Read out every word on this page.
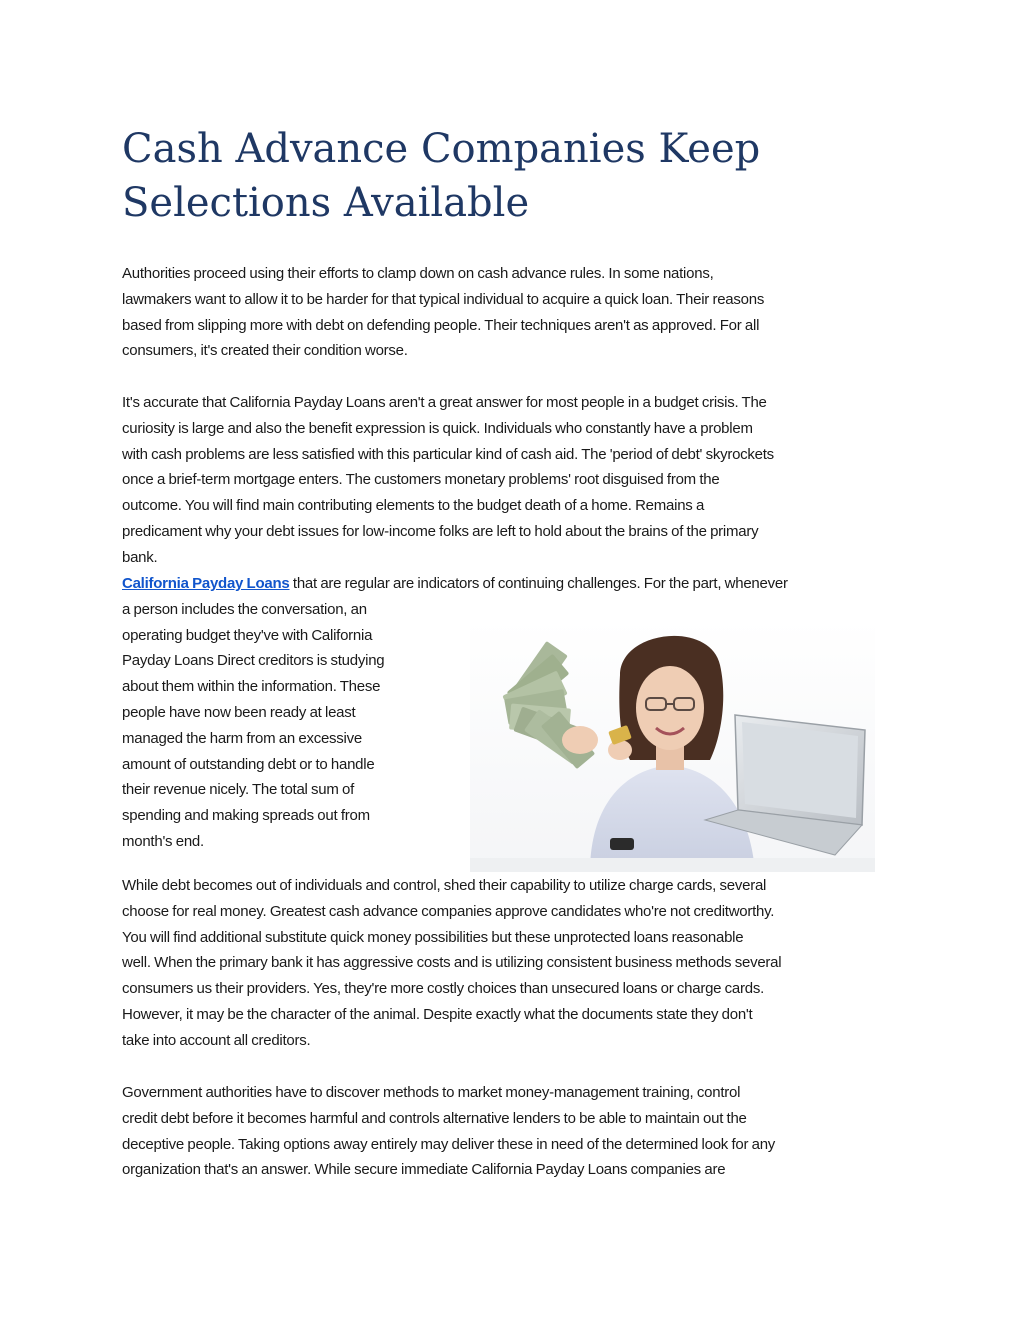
Cash Advance Companies Keep
Selections Available
Authorities proceed using their efforts to clamp down on cash advance rules. In some nations,
lawmakers want to allow it to be harder for that typical individual to acquire a quick loan. Their reasons
based from slipping more with debt on defending people. Their techniques aren't as approved. For all
consumers, it's created their condition worse.
It's accurate that California Payday Loans aren't a great answer for most people in a budget crisis. The
curiosity is large and also the benefit expression is quick. Individuals who constantly have a problem
with cash problems are less satisfied with this particular kind of cash aid. The 'period of debt' skyrockets
once a brief-term mortgage enters. The customers monetary problems' root disguised from the
outcome. You will find main contributing elements to the budget death of a home. Remains a
predicament why your debt issues for low-income folks are left to hold about the brains of the primary
bank.
California Payday Loans that are regular are indicators of continuing challenges. For the part, whenever
a person includes the conversation, an
operating budget they've with California
Payday Loans Direct creditors is studying
about them within the information. These
people have now been ready at least
managed the harm from an excessive
amount of outstanding debt or to handle
their revenue nicely. The total sum of
spending and making spreads out from
month's end.
While debt becomes out of individuals and control, shed their capability to utilize charge cards, several
choose for real money. Greatest cash advance companies approve candidates who're not creditworthy.
You will find additional substitute quick money possibilities but these unprotected loans reasonable
well. When the primary bank it has aggressive costs and is utilizing consistent business methods several
consumers us their providers. Yes, they're more costly choices than unsecured loans or charge cards.
However, it may be the character of the animal. Despite exactly what the documents state they don't
take into account all creditors.
Government authorities have to discover methods to market money-management training, control
credit debt before it becomes harmful and controls alternative lenders to be able to maintain out the
deceptive people. Taking options away entirely may deliver these in need of the determined look for any
organization that's an answer. While secure immediate California Payday Loans companies are
